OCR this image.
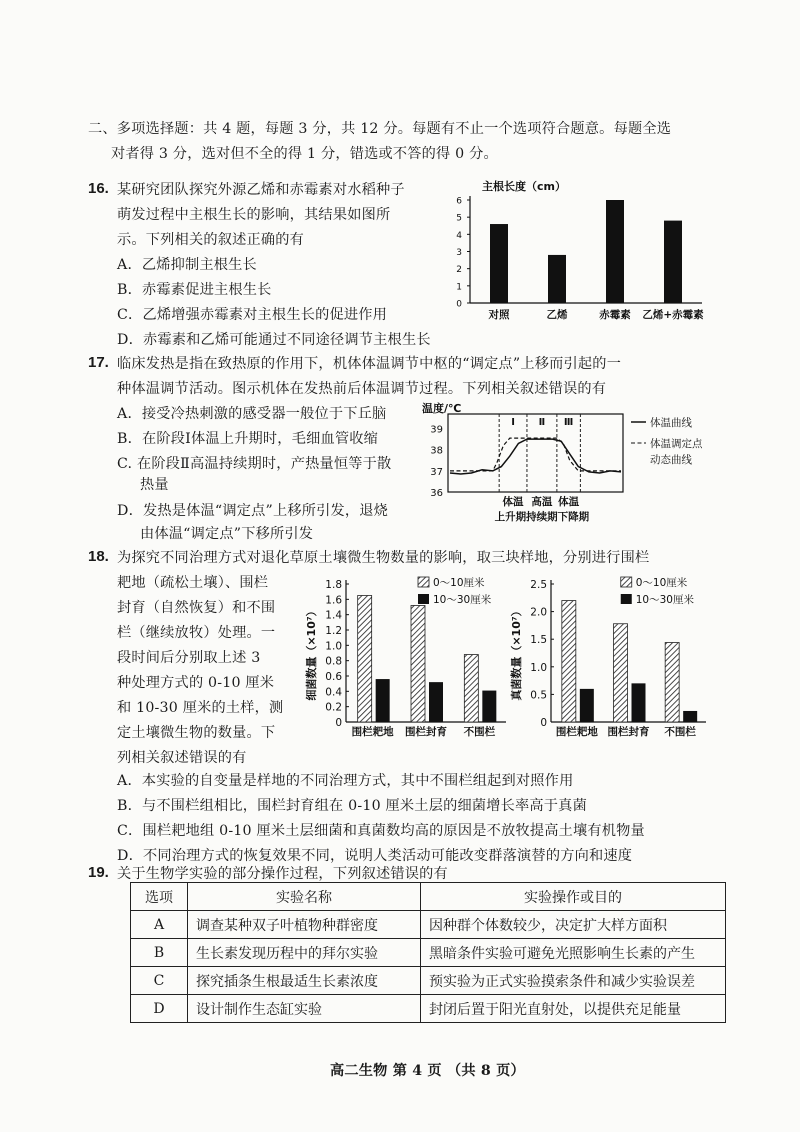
二、多项选择题：共 4 题，每题 3 分，共 12 分。每题有不止一个选项符合题意。每题全选
对者得 3 分，选对但不全的得 1 分，错选或不答的得 0 分。
16. 某研究团队探究外源乙烯和赤霉素对水稻种子
萌发过程中主根生长的影响，其结果如图所
示。下列相关的叙述正确的有
A．乙烯抑制主根生长
B．赤霉素促进主根生长
C．乙烯增强赤霉素对主根生长的促进作用
D．赤霉素和乙烯可能通过不同途径调节主根生长
主根长度（cm）
0
1
2
3
4
5
6
对照	乙烯	赤霉素 乙烯+赤霉素
17. 临床发热是指在致热原的作用下，机体体温调节中枢的“调定点”上移而引起的一
种体温调节活动。图示机体在发热前后体温调节过程。下列相关叙述错误的有
A．接受冷热刺激的感受器一般位于下丘脑
B．在阶段Ⅰ体温上升期时，毛细血管收缩
C. 在阶段Ⅱ高温持续期时，产热量恒等于散
热量
D．发热是体温“调定点”上移所引发，退烧
由体温“调定点”下移所引发
温度/℃
36
37
38
39
Ⅰ Ⅱ Ⅲ
体温 高温 体温
上升期持续期下降期
体温曲线
体温调定点
动态曲线
18. 为探究不同治理方式对退化草原土壤微生物数量的影响，取三块样地，分别进行围栏
耙地（疏松土壤）、围栏
封育（自然恢复）和不围
栏（继续放牧）处理。一
段时间后分别取上述 3
种处理方式的 0-10 厘米
和 10-30 厘米的土样，测
定土壤微生物的数量。下
列相关叙述错误的有
0
0.2
0.4
0.6
0.8
1.0
1.2
1.4
1.6
1.8
细菌数量（×10⁷）
围栏耙地 围栏封育 不围栏
0～10厘米
10～30厘米
0
0.5
1.0
1.5
2.0
2.5
真菌数量（×10⁷）
围栏耙地 围栏封育 不围栏
0～10厘米
10～30厘米
A．本实验的自变量是样地的不同治理方式，其中不围栏组起到对照作用
B．与不围栏组相比，围栏封育组在 0-10 厘米土层的细菌增长率高于真菌
C．围栏耙地组 0-10 厘米土层细菌和真菌数均高的原因是不放牧提高土壤有机物量
D．不同治理方式的恢复效果不同，说明人类活动可能改变群落演替的方向和速度
19. 关于生物学实验的部分操作过程，下列叙述错误的有
选项	实验名称	实验操作或目的
A	调查某种双子叶植物种群密度	因种群个体数较少，决定扩大样方面积
B	生长素发现历程中的拜尔实验	黑暗条件实验可避免光照影响生长素的产生
C	探究插条生根最适生长素浓度	预实验为正式实验摸索条件和减少实验误差
D	设计制作生态缸实验	封闭后置于阳光直射处，以提供充足能量
高二生物 第 4 页 （共 8 页）
